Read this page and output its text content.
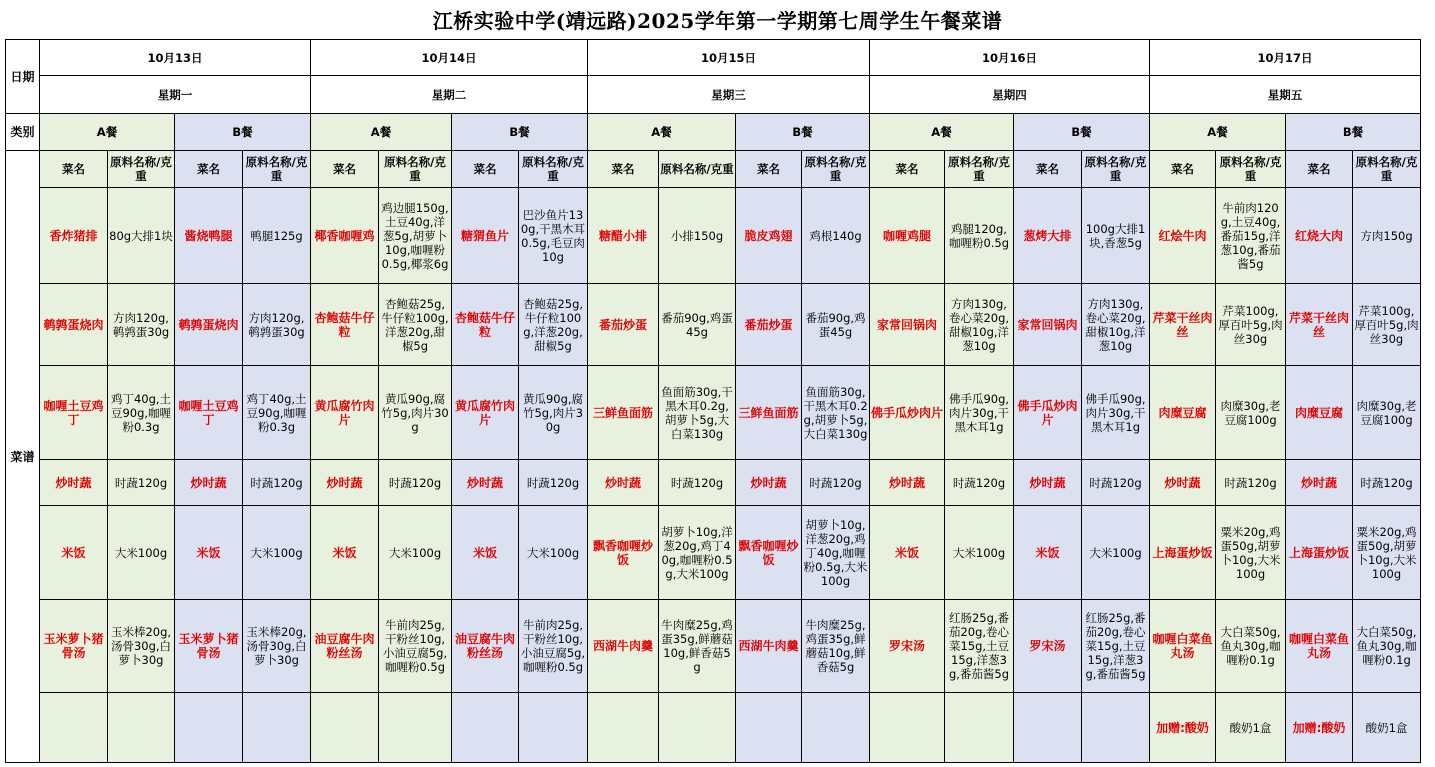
江桥实验中学(靖远路)2025学年第一学期第七周学生午餐菜谱
日期	10月13日				10月14日				10月15日				10月16日				10月17日			
	星期一				星期二				星期三				星期四				星期五			
类别	A餐		B餐		A餐		B餐		A餐		B餐		A餐		B餐		A餐		B餐	
菜谱	菜名	原料名称/克重	菜名	原料名称/克重	菜名	原料名称/克重	菜名	原料名称/克重	菜名	原料名称/克重	菜名	原料名称/克重	菜名	原料名称/克重	菜名	原料名称/克重	菜名	原料名称/克重	菜名	原料名称/克重
	香炸猪排	80g大排1块	酱烧鸭腿	鸭腿125g	椰香咖喱鸡	鸡边腿150g,土豆40g,洋葱5g,胡萝卜10g,咖喱粉0.5g,椰浆6g	糖猬鱼片	巴沙鱼片130g,干黑木耳0.5g,毛豆肉10g	糖醋小排	小排150g	脆皮鸡翅	鸡根140g	咖喱鸡腿	鸡腿120g,咖喱粉0.5g	葱烤大排	100g大排1块,香葱5g	红烩牛肉	牛前肉120g,土豆40g,番茄15g,洋葱10g,番茄酱5g	红烧大肉	方肉150g
	鹌鹑蛋烧肉	方肉120g,鹌鹑蛋30g	鹌鹑蛋烧肉	方肉120g,鹌鹑蛋30g	杏鲍菇牛仔粒	杏鲍菇25g,牛仔粒100g,洋葱20g,甜椒5g	杏鲍菇牛仔粒	杏鲍菇25g,牛仔粒100g,洋葱20g,甜椒5g	番茄炒蛋	番茄90g,鸡蛋45g	番茄炒蛋	番茄90g,鸡蛋45g	家常回锅肉	方肉130g,卷心菜20g,甜椒10g,洋葱10g	家常回锅肉	方肉130g,卷心菜20g,甜椒10g,洋葱10g	芹菜干丝肉丝	芹菜100g,厚百叶5g,肉丝30g	芹菜干丝肉丝	芹菜100g,厚百叶5g,肉丝30g
	咖喱土豆鸡丁	鸡丁40g,土豆90g,咖喱粉0.3g	咖喱土豆鸡丁	鸡丁40g,土豆90g,咖喱粉0.3g	黄瓜腐竹肉片	黄瓜90g,腐竹5g,肉片30g	黄瓜腐竹肉片	黄瓜90g,腐竹5g,肉片30g	三鲜鱼面筋	鱼面筋30g,干黑木耳0.2g,胡萝卜5g,大白菜130g	三鲜鱼面筋	鱼面筋30g,干黑木耳0.2g,胡萝卜5g,大白菜130g	佛手瓜炒肉片	佛手瓜90g,肉片30g,干黑木耳1g	佛手瓜炒肉片	佛手瓜90g,肉片30g,干黑木耳1g	肉糜豆腐	肉糜30g,老豆腐100g	肉糜豆腐	肉糜30g,老豆腐100g
	炒时蔬	时蔬120g	炒时蔬	时蔬120g	炒时蔬	时蔬120g	炒时蔬	时蔬120g	炒时蔬	时蔬120g	炒时蔬	时蔬120g	炒时蔬	时蔬120g	炒时蔬	时蔬120g	炒时蔬	时蔬120g	炒时蔬	时蔬120g
	米饭	大米100g	米饭	大米100g	米饭	大米100g	米饭	大米100g	飘香咖喱炒饭	胡萝卜10g,洋葱20g,鸡丁40g,咖喱粉0.5g,大米100g	飘香咖喱炒饭	胡萝卜10g,洋葱20g,鸡丁40g,咖喱粉0.5g,大米100g	米饭	大米100g	米饭	大米100g	上海蛋炒饭	粟米20g,鸡蛋50g,胡萝卜10g,大米100g	上海蛋炒饭	粟米20g,鸡蛋50g,胡萝卜10g,大米100g
	玉米萝卜猪骨汤	玉米棒20g,汤骨30g,白萝卜30g	玉米萝卜猪骨汤	玉米棒20g,汤骨30g,白萝卜30g	油豆腐牛肉粉丝汤	牛前肉25g,干粉丝10g,小油豆腐5g,咖喱粉0.5g	油豆腐牛肉粉丝汤	牛前肉25g,干粉丝10g,小油豆腐5g,咖喱粉0.5g	西湖牛肉羹	牛肉糜25g,鸡蛋35g,鲜蘑菇10g,鲜香菇5g	西湖牛肉羹	牛肉糜25g,鸡蛋35g,鲜蘑菇10g,鲜香菇5g	罗宋汤	红肠25g,番茄20g,卷心菜15g,土豆15g,洋葱3g,番茄酱5g	罗宋汤	红肠25g,番茄20g,卷心菜15g,土豆15g,洋葱3g,番茄酱5g	咖喱白菜鱼丸汤	大白菜50g,鱼丸30g,咖喱粉0.1g	咖喱白菜鱼丸汤	大白菜50g,鱼丸30g,咖喱粉0.1g
																	加赠:酸奶	酸奶1盒	加赠:酸奶	酸奶1盒
